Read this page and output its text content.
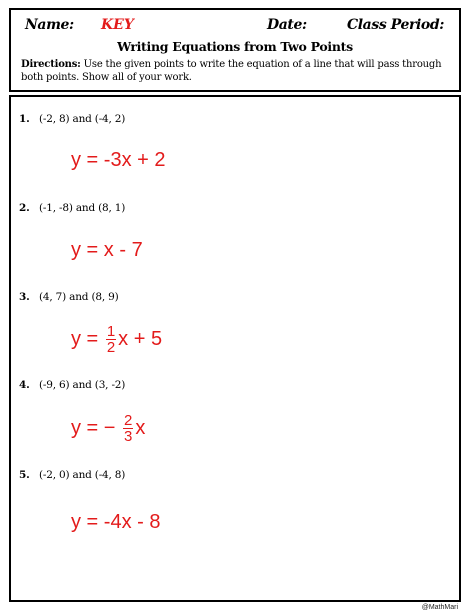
Name: KEY	Date:	Class Period:
Writing Equations from Two Points
Directions: Use the given points to write the equation of a line that will pass through both points. Show all of your work.
1. (-2, 8) and (-4, 2)
y = -3x + 2
2. (-1, -8) and (8, 1)
y = x - 7
3. (4, 7) and (8, 9)
$y = \frac{1}{2}$ x + 5
4. (-9, 6) and (3, -2)
y = − $\frac{2}{3}$ x
5. (-2, 0) and (-4, 8)
y = -4x - 8
@MathMari
